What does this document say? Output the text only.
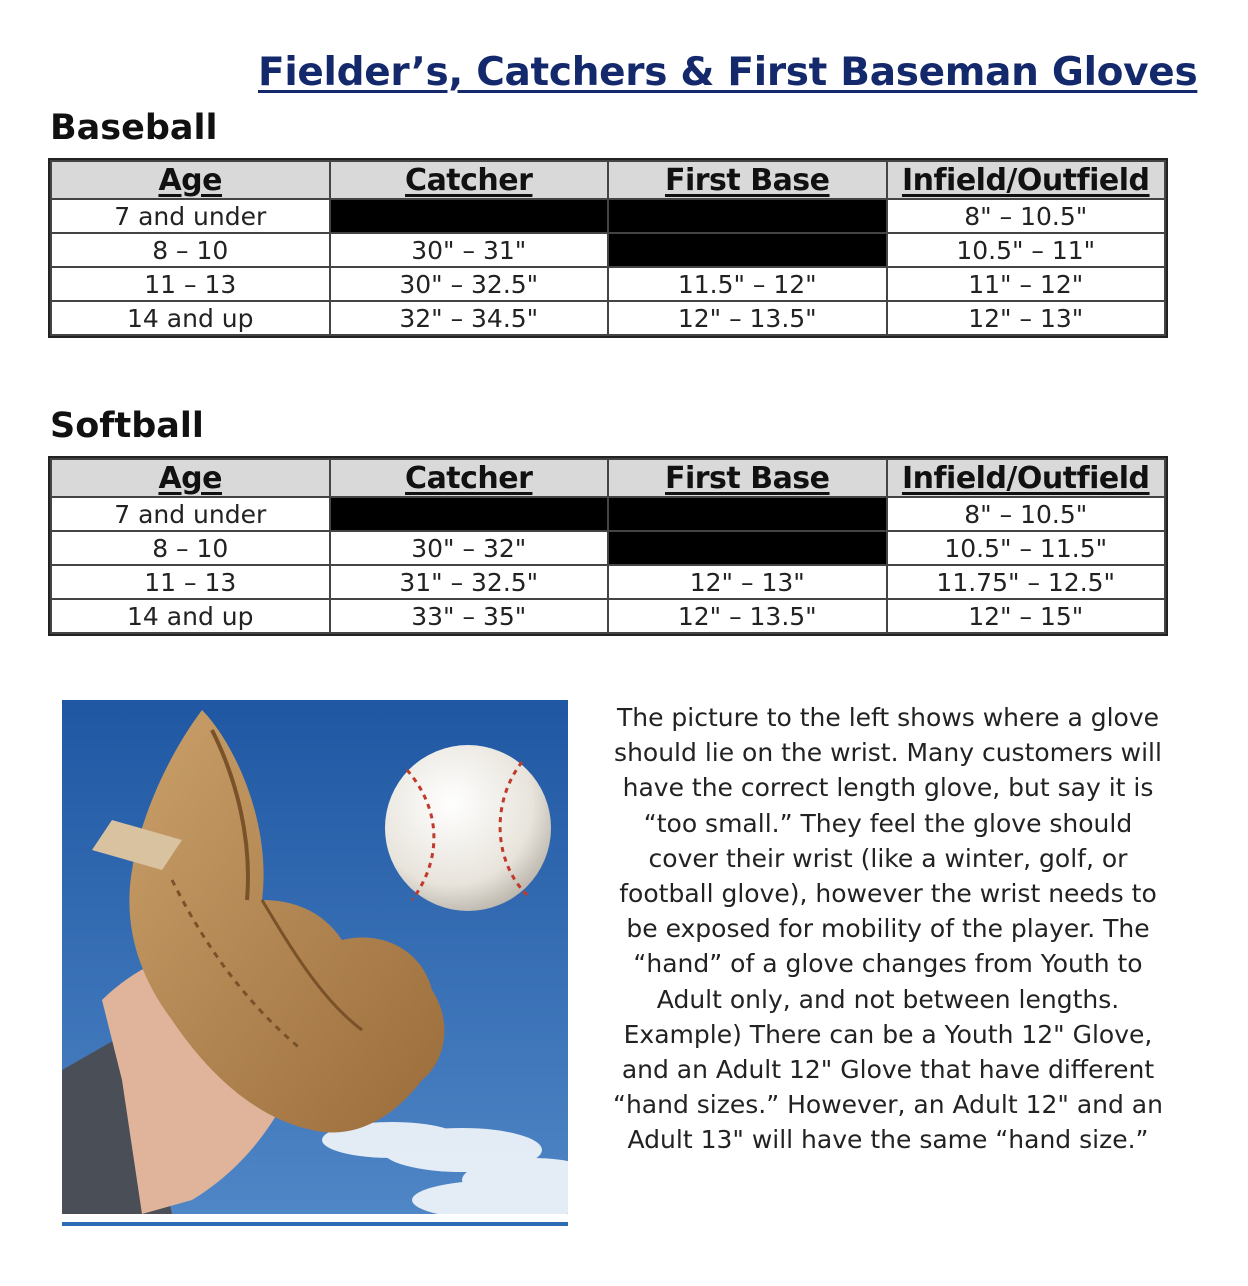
Fielder’s, Catchers & First Baseman Gloves
Baseball
Age	Catcher	First Base	Infield/Outfield
7 and under			8" – 10.5"
8 – 10	30" – 31"		10.5" – 11"
11 – 13	30" – 32.5"	11.5" – 12"	11" – 12"
14 and up	32" – 34.5"	12" – 13.5"	12" – 13"
Softball
Age	Catcher	First Base	Infield/Outfield
7 and under			8" – 10.5"
8 – 10	30" – 32"		10.5" – 11.5"
11 – 13	31" – 32.5"	12" – 13"	11.75" – 12.5"
14 and up	33" – 35"	12" – 13.5"	12" – 15"

The picture to the left shows where a glove should lie on the wrist. Many customers will have the correct length glove, but say it is “too small.” They feel the glove should cover their wrist (like a winter, golf, or football glove), however the wrist needs to be exposed for mobility of the player. The “hand” of a glove changes from Youth to Adult only, and not between lengths. Example) There can be a Youth 12" Glove, and an Adult 12" Glove that have different “hand sizes.” However, an Adult 12" and an Adult 13" will have the same “hand size.”
